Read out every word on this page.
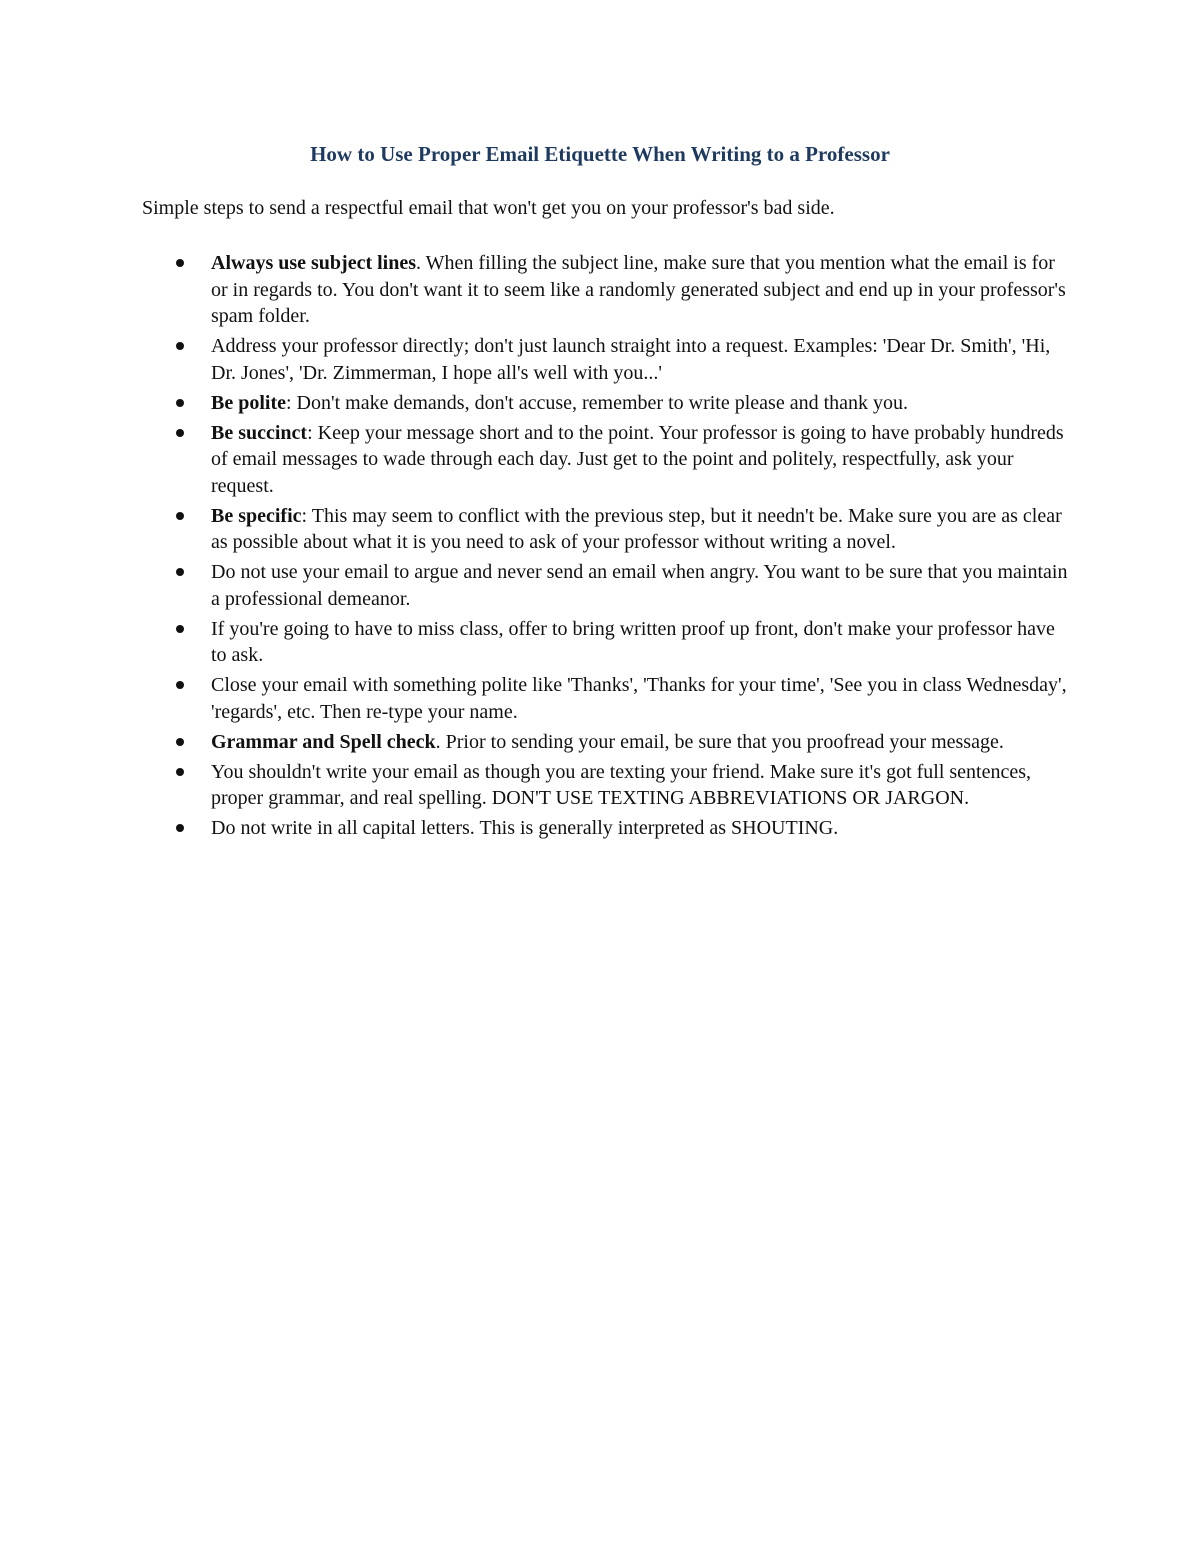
How to Use Proper Email Etiquette When Writing to a Professor

Simple steps to send a respectful email that won't get you on your professor's bad side.

Always use subject lines. When filling the subject line, make sure that you mention what the email is for or in regards to. You don't want it to seem like a randomly generated subject and end up in your professor's spam folder.
Address your professor directly; don't just launch straight into a request. Examples: 'Dear Dr. Smith', 'Hi, Dr. Jones', 'Dr. Zimmerman, I hope all's well with you...'
Be polite: Don't make demands, don't accuse, remember to write please and thank you.
Be succinct: Keep your message short and to the point. Your professor is going to have probably hundreds of email messages to wade through each day. Just get to the point and politely, respectfully, ask your request.
Be specific: This may seem to conflict with the previous step, but it needn't be. Make sure you are as clear as possible about what it is you need to ask of your professor without writing a novel.
Do not use your email to argue and never send an email when angry. You want to be sure that you maintain a professional demeanor.
If you're going to have to miss class, offer to bring written proof up front, don't make your professor have to ask.
Close your email with something polite like 'Thanks', 'Thanks for your time', 'See you in class Wednesday', 'regards', etc. Then re-type your name.
Grammar and Spell check. Prior to sending your email, be sure that you proofread your message.
You shouldn't write your email as though you are texting your friend. Make sure it's got full sentences, proper grammar, and real spelling. DON'T USE TEXTING ABBREVIATIONS OR JARGON.
Do not write in all capital letters. This is generally interpreted as SHOUTING.
